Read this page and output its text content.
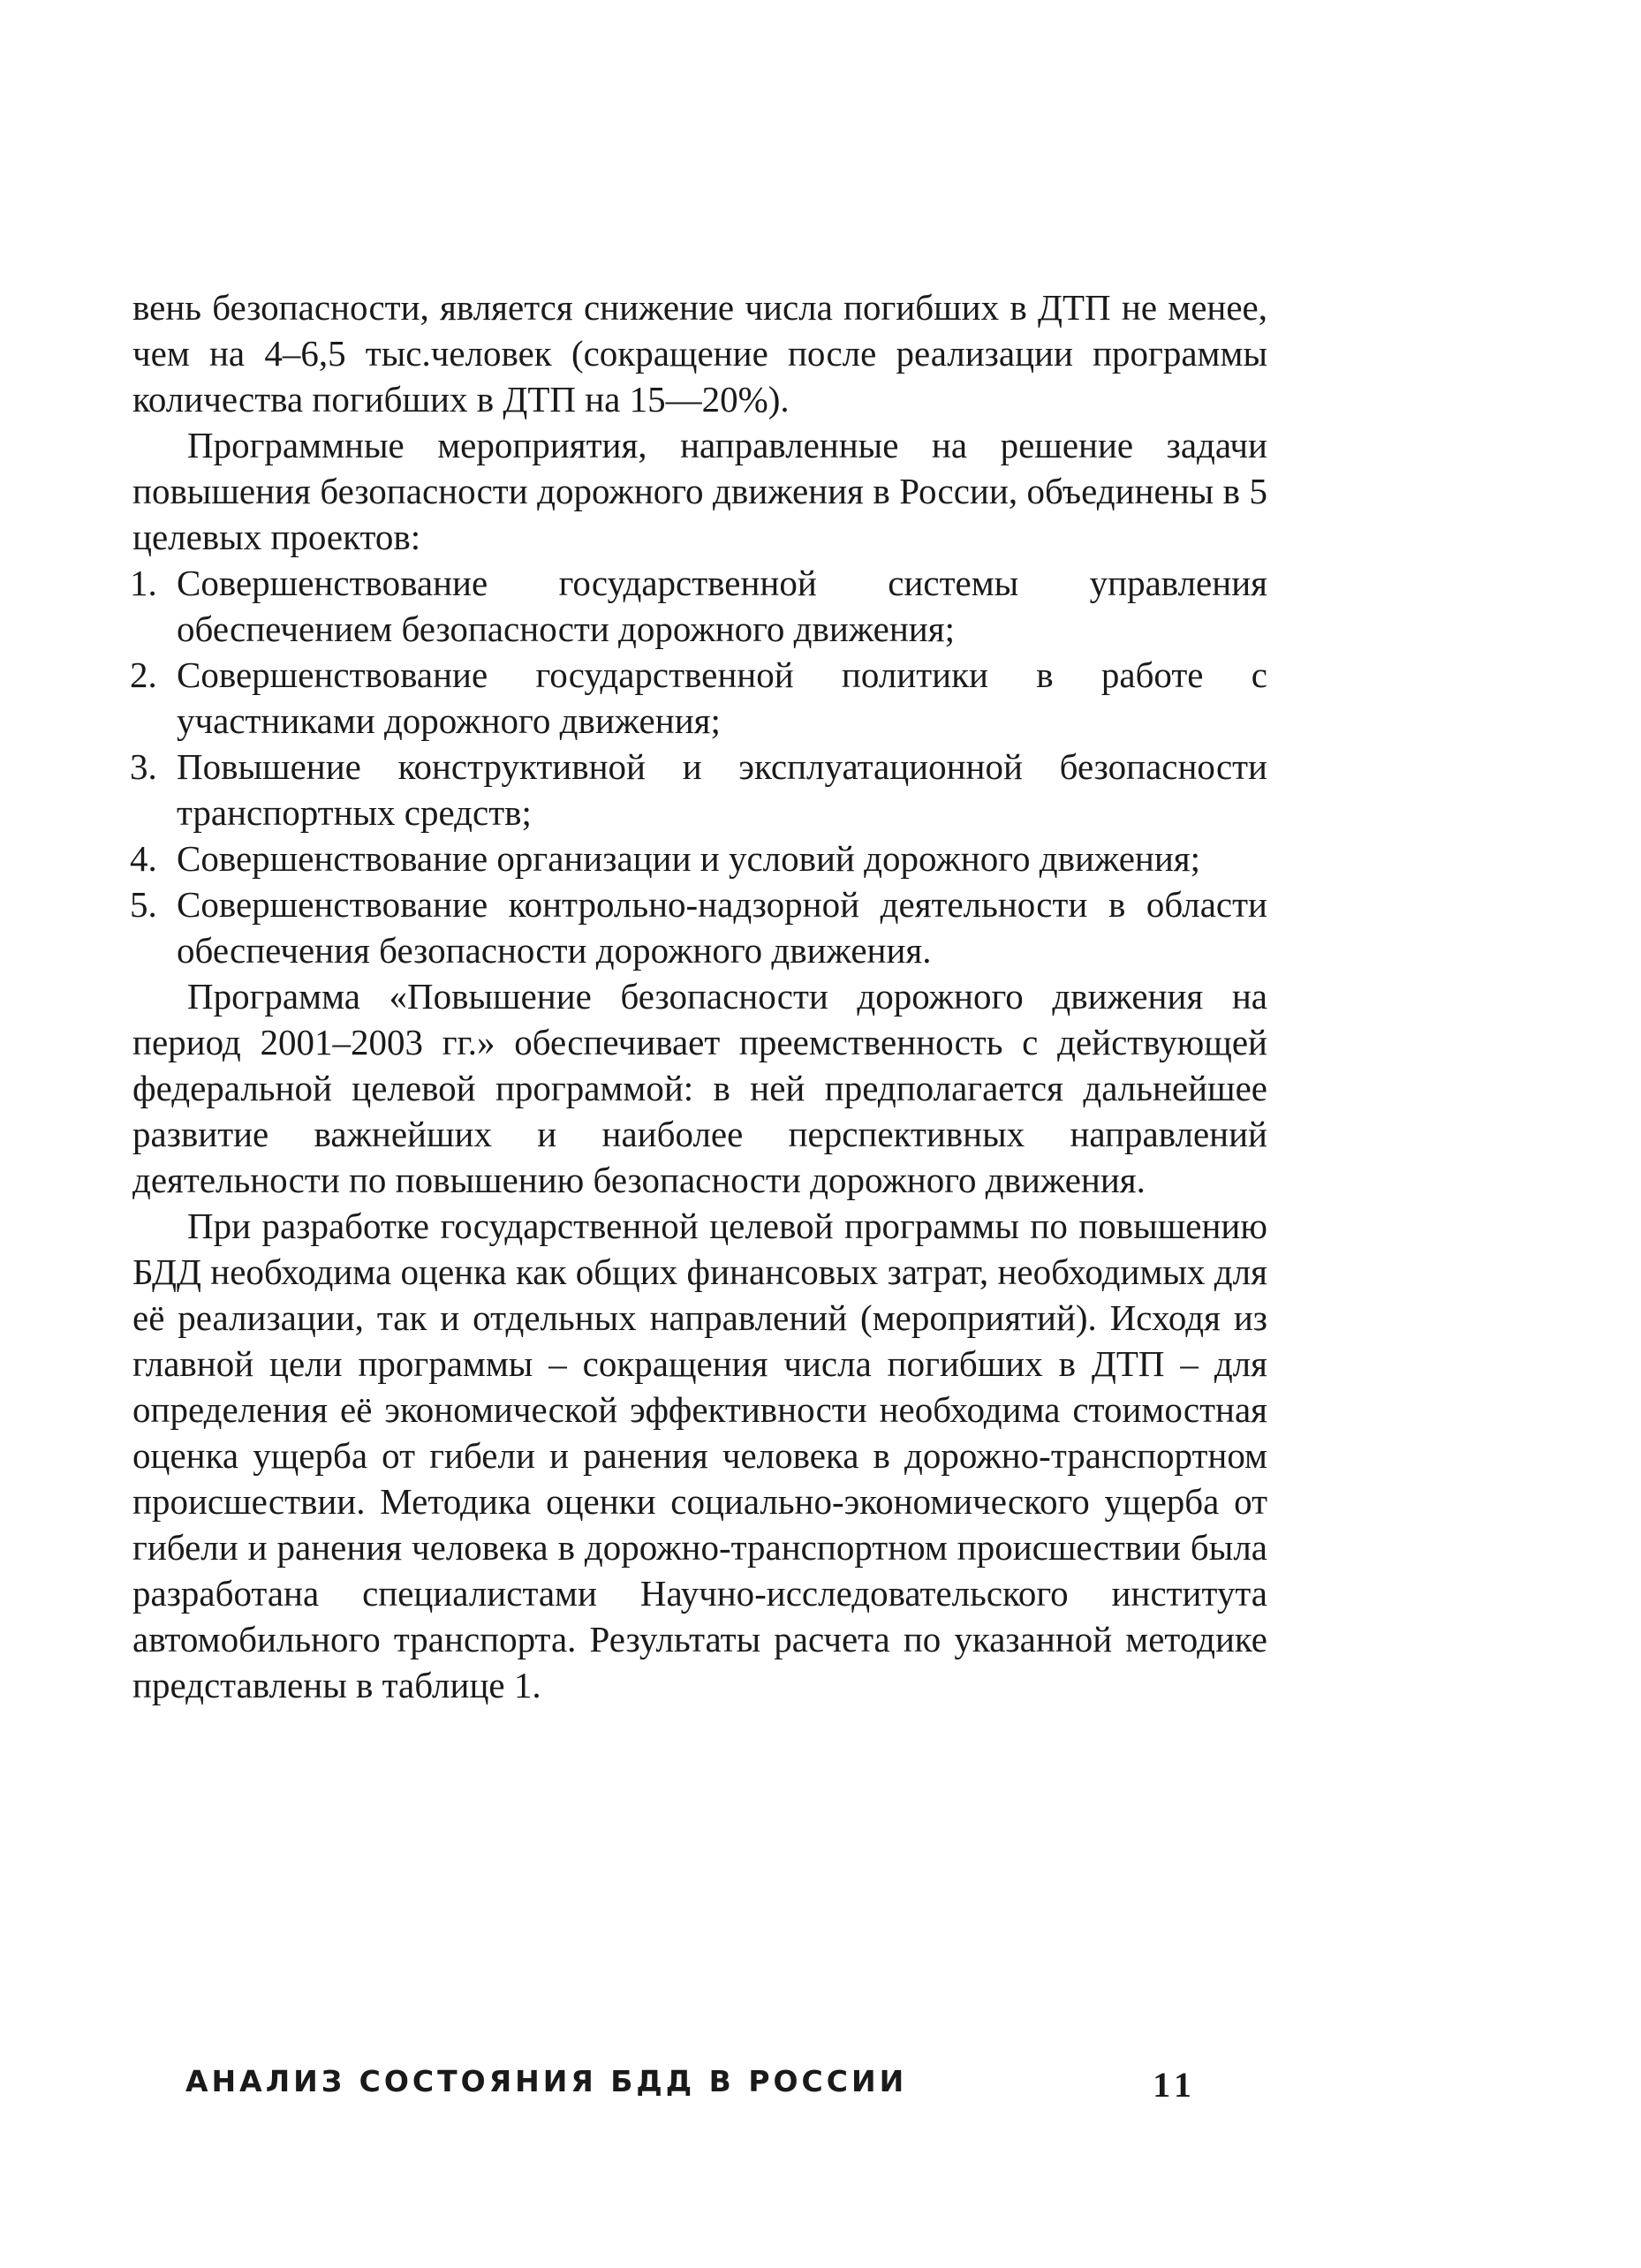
вень безопасности, является снижение числа погибших в ДТП не менее, чем на 4–6,5 тыс.человек (сокращение после реализации программы количества погибших в ДТП на 15—20%).

Программные мероприятия, направленные на решение задачи повышения безопасности дорожного движения в России, объединены в 5 целевых проектов:

1. Совершенствование государственной системы управления обеспечением безопасности дорожного движения;
2. Совершенствование государственной политики в работе с участниками дорожного движения;
3. Повышение конструктивной и эксплуатационной безопасности транспортных средств;
4. Совершенствование организации и условий дорожного движения;
5. Совершенствование контрольно-надзорной деятельности в области обеспечения безопасности дорожного движения.

Программа «Повышение безопасности дорожного движения на период 2001–2003 гг.» обеспечивает преемственность с действующей федеральной целевой программой: в ней предполагается дальнейшее развитие важнейших и наиболее перспективных направлений деятельности по повышению безопасности дорожного движения.

При разработке государственной целевой программы по повышению БДД необходима оценка как общих финансовых затрат, необходимых для её реализации, так и отдельных направлений (мероприятий). Исходя из главной цели программы – сокращения числа погибших в ДТП – для определения её экономической эффективности необходима стоимостная оценка ущерба от гибели и ранения человека в дорожно-транспортном происшествии. Методика оценки социально-экономического ущерба от гибели и ранения человека в дорожно-транспортном происшествии была разработана специалистами Научно-исследовательского института автомобильного транспорта. Результаты расчета по указанной методике представлены в таблице 1.

АНАЛИЗ СОСТОЯНИЯ БДД В РОССИИ	11
